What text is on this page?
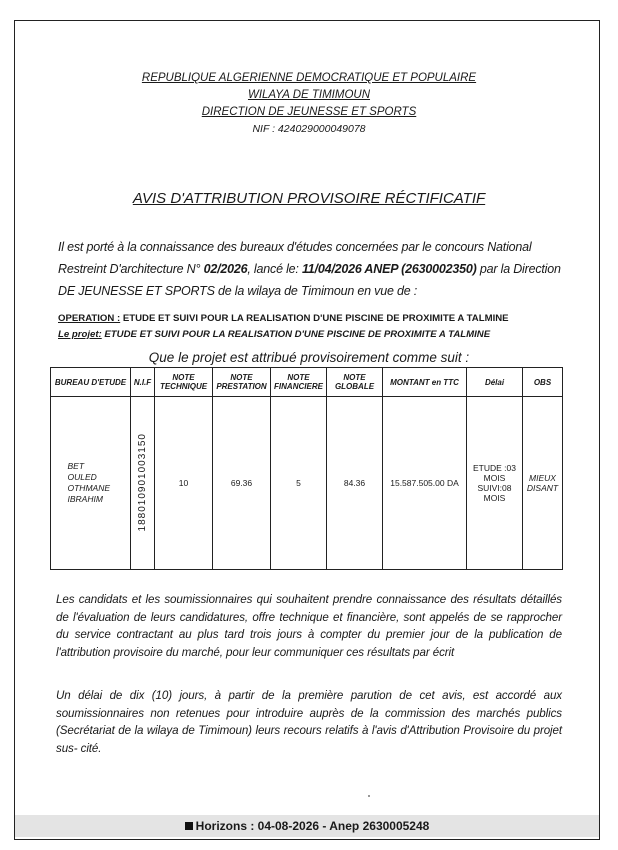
REPUBLIQUE ALGERIENNE DEMOCRATIQUE ET POPULAIRE
WILAYA DE TIMIMOUN
DIRECTION DE JEUNESSE ET SPORTS
NIF : 424029000049078
AVIS D'ATTRIBUTION PROVISOIRE RÉCTIFICATIF
Il est porté à la connaissance des bureaux d'études concernées par le concours National Restreint D'architecture N° 02/2026, lancé le: 11/04/2026 ANEP (2630002350) par la Direction DE JEUNESSE ET SPORTS de la wilaya de Timimoun en vue de :
OPERATION : ETUDE ET SUIVI POUR LA REALISATION D'UNE PISCINE DE PROXIMITE A TALMINE
Le projet: ETUDE ET SUIVI POUR LA REALISATION D'UNE PISCINE DE PROXIMITE A TALMINE
Que le projet est attribué provisoirement comme suit :
BUREAU D'ETUDE	N.I.F	NOTE TECHNIQUE	NOTE PRESTATION	NOTE FINANCIERE	NOTE GLOBALE	MONTANT en TTC	Délai	OBS
BET OULED OTHMANE IBRAHIM	188010901003150	10	69.36	5	84.36	15.587.505.00 DA	ETUDE :03 MOIS SUIVI:08 MOIS	MIEUX DISANT
Les candidats et les soumissionnaires qui souhaitent prendre connaissance des résultats détaillés de l'évaluation de leurs candidatures, offre technique et financière, sont appelés de se rapprocher du service contractant au plus tard trois jours à compter du premier jour de la publication de l'attribution provisoire du marché, pour leur communiquer ces résultats par écrit
Un délai de dix (10) jours, à partir de la première parution de cet avis, est accordé aux soumissionnaires non retenues pour introduire auprès de la commission des marchés publics (Secrétariat de la wilaya de Timimoun) leurs recours relatifs à l'avis d'Attribution Provisoire du projet sus- cité.
Horizons : 04-08-2026 - Anep 2630005248
